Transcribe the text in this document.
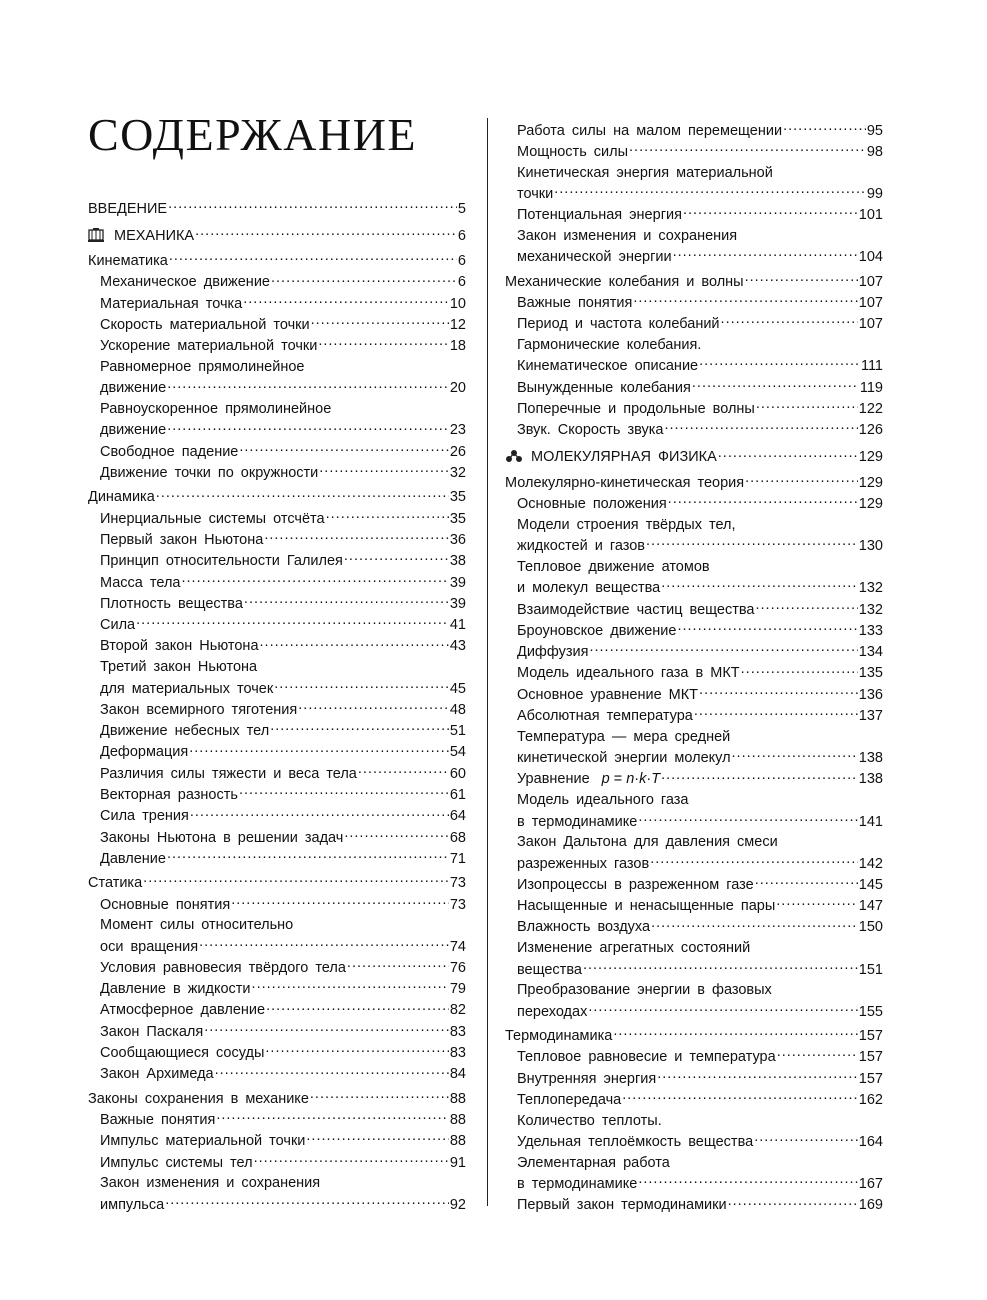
СОДЕРЖАНИЕ
ВВЕДЕНИЕ .....	5
МЕХАНИКА .....	6
Кинематика .....	6
Механическое движение .....	6
Материальная точка .....	10
Скорость материальной точки .....	12
Ускорение материальной точки .....	18
Равномерное прямолинейное
движение .....	20
Равноускоренное прямолинейное
движение .....	23
Свободное падение .....	26
Движение точки по окружности .....	32
Динамика .....	35
Инерциальные системы отсчёта .....	35
Первый закон Ньютона .....	36
Принцип относительности Галилея .....	38
Масса тела .....	39
Плотность вещества .....	39
Сила .....	41
Второй закон Ньютона .....	43
Третий закон Ньютона
для материальных точек .....	45
Закон всемирного тяготения .....	48
Движение небесных тел .....	51
Деформация .....	54
Различия силы тяжести и веса тела .....	60
Векторная разность .....	61
Сила трения .....	64
Законы Ньютона в решении задач .....	68
Давление .....	71
Статика .....	73
Основные понятия .....	73
Момент силы относительно
оси вращения .....	74
Условия равновесия твёрдого тела .....	76
Давление в жидкости .....	79
Атмосферное давление .....	82
Закон Паскаля .....	83
Сообщающиеся сосуды .....	83
Закон Архимеда .....	84
Законы сохранения в механике .....	88
Важные понятия .....	88
Импульс материальной точки .....	88
Импульс системы тел .....	91
Закон изменения и сохранения
импульса .....	92
Работа силы на малом перемещении .....	95
Мощность силы .....	98
Кинетическая энергия материальной
точки .....	99
Потенциальная энергия .....	101
Закон изменения и сохранения
механической энергии .....	104
Механические колебания и волны .....	107
Важные понятия .....	107
Период и частота колебаний .....	107
Гармонические колебания.
Кинематическое описание .....	111
Вынужденные колебания .....	119
Поперечные и продольные волны .....	122
Звук. Скорость звука .....	126
МОЛЕКУЛЯРНАЯ ФИЗИКА .....	129
Молекулярно-кинетическая теория .....	129
Основные положения .....	129
Модели строения твёрдых тел,
жидкостей и газов .....	130
Тепловое движение атомов
и молекул вещества .....	132
Взаимодействие частиц вещества .....	132
Броуновское движение .....	133
Диффузия .....	134
Модель идеального газа в МКТ .....	135
Основное уравнение МКТ .....	136
Абсолютная температура .....	137
Температура — мера средней
кинетической энергии молекул .....	138
Уравнение p = n·k·T .....	138
Модель идеального газа
в термодинамике .....	141
Закон Дальтона для давления смеси
разреженных газов .....	142
Изопроцессы в разреженном газе .....	145
Насыщенные и ненасыщенные пары .....	147
Влажность воздуха .....	150
Изменение агрегатных состояний
вещества .....	151
Преобразование энергии в фазовых
переходах .....	155
Термодинамика .....	157
Тепловое равновесие и температура .....	157
Внутренняя энергия .....	157
Теплопередача .....	162
Количество теплоты.
Удельная теплоёмкость вещества .....	164
Элементарная работа
в термодинамике .....	167
Первый закон термодинамики .....	169
